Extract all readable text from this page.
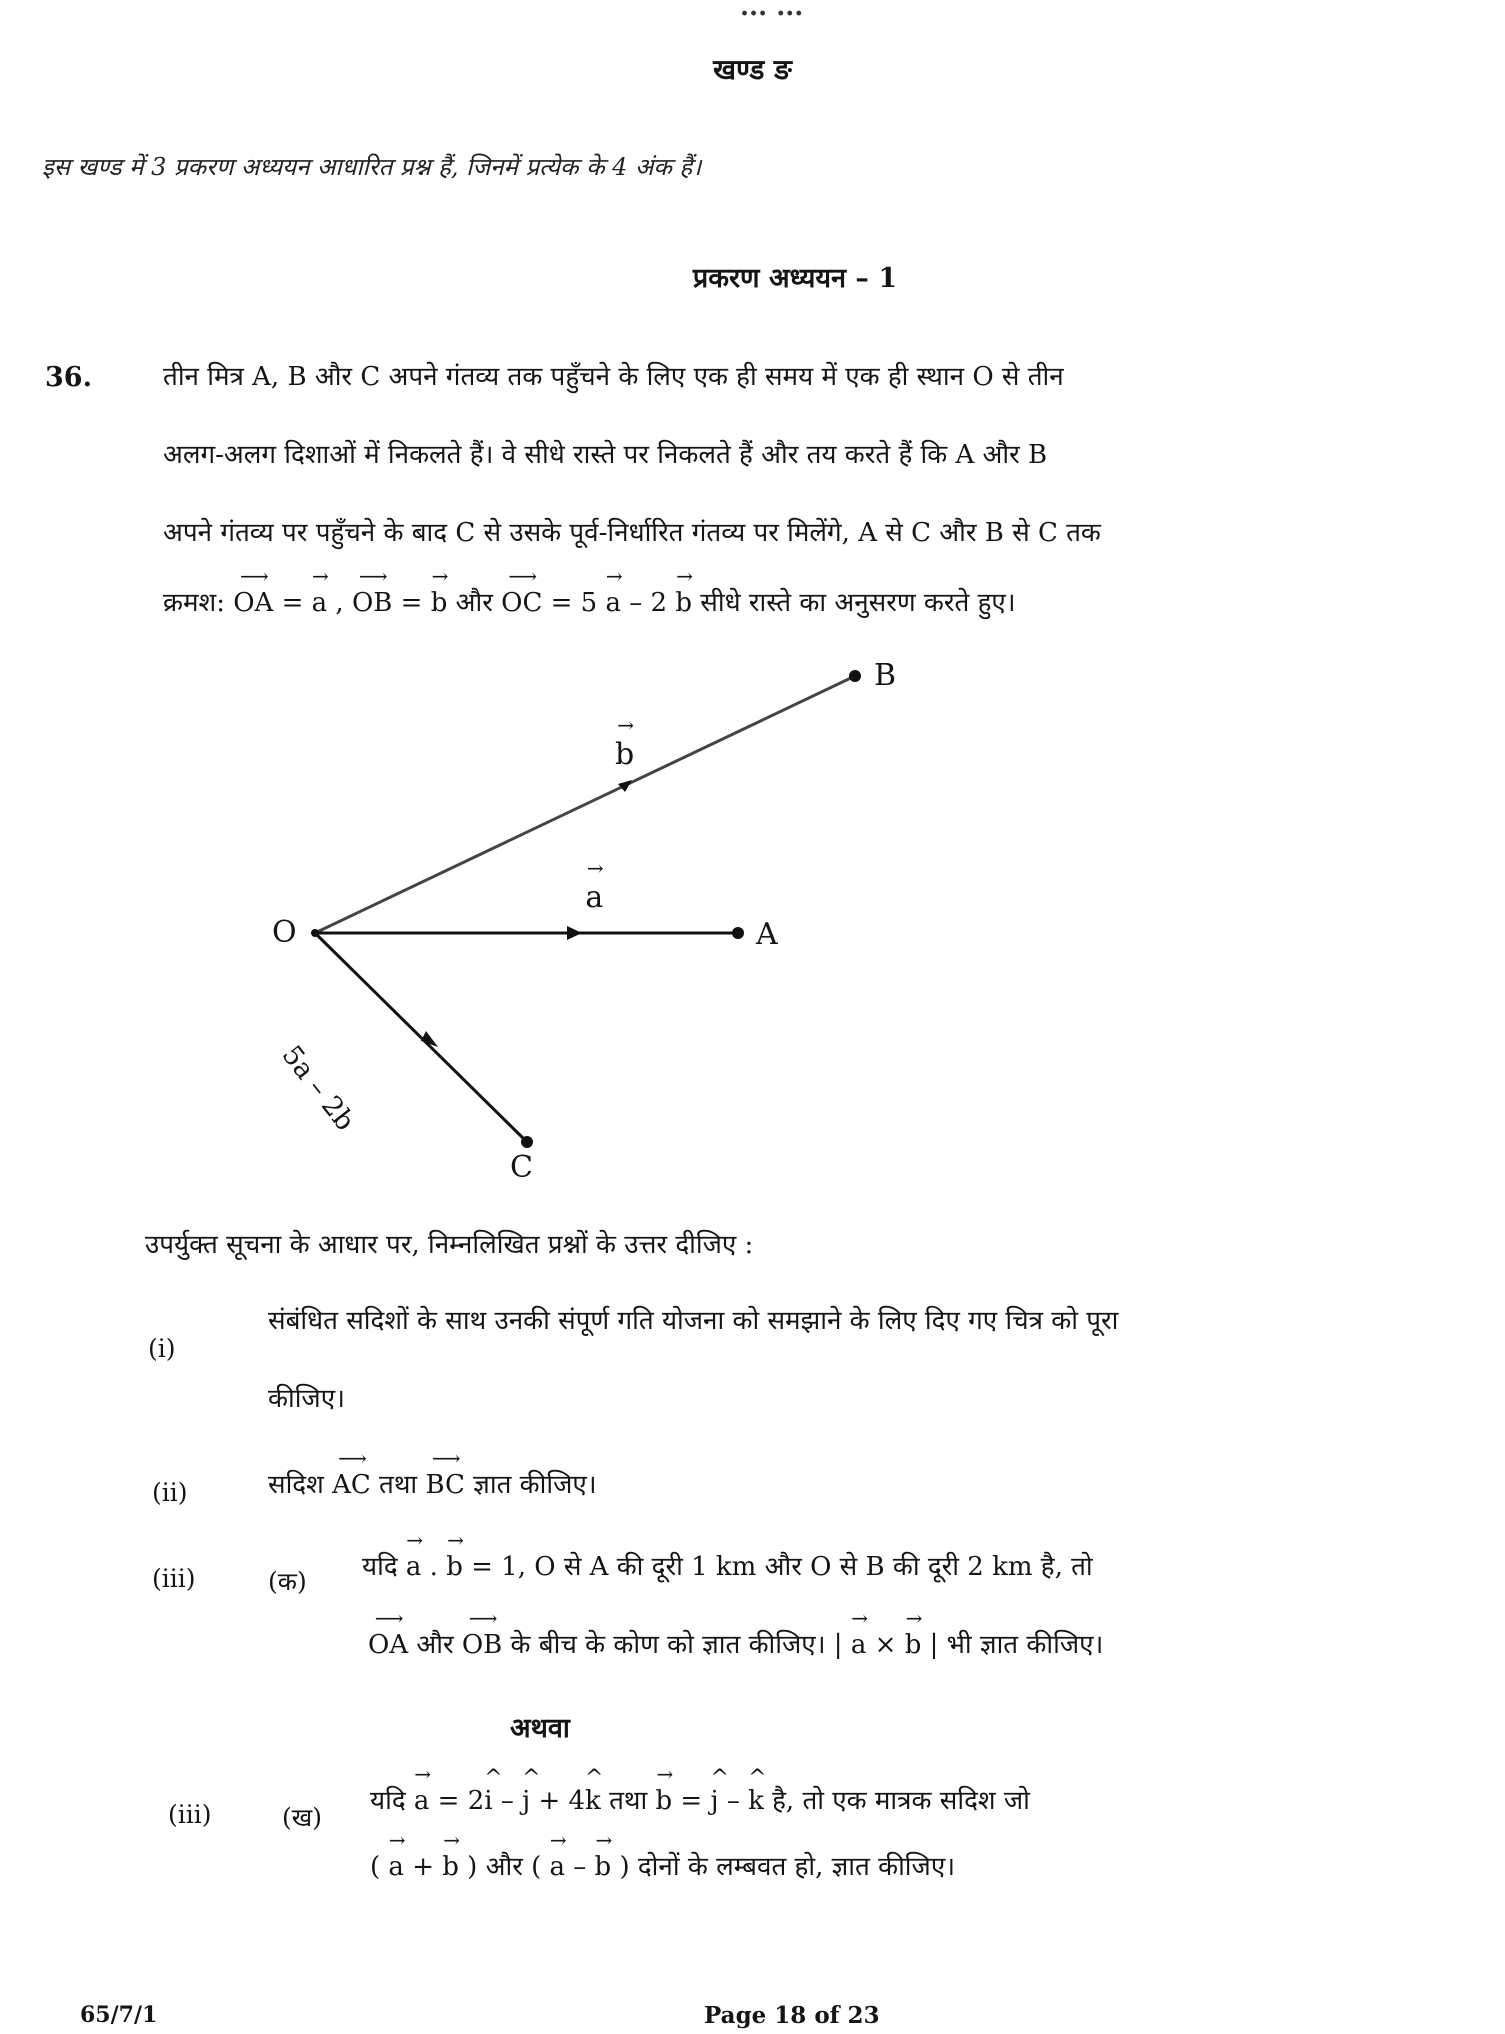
... ...
खण्ड ङ
इस खण्ड में 3 प्रकरण अध्ययन आधारित प्रश्न हैं, जिनमें प्रत्येक के 4 अंक हैं।
प्रकरण अध्ययन – 1
36.	तीन मित्र A, B और C अपने गंतव्य तक पहुँचने के लिए एक ही समय में एक ही स्थान O से तीन
अलग-अलग दिशाओं में निकलते हैं। वे सीधे रास्ते पर निकलते हैं और तय करते हैं कि A और B
अपने गंतव्य पर पहुँचने के बाद C से उसके पूर्व-निर्धारित गंतव्य पर मिलेंगे, A से C और B से C तक
क्रमश: ⟶ OA = → a , ⟶ OB = → b और ⟶ OC = 5 → a – 2 → b सीधे रास्ते का अनुसरण करते हुए।
O	A
B
C
→ b → a
5a – 2b
उपर्युक्त सूचना के आधार पर, निम्नलिखित प्रश्नों के उत्तर दीजिए :
(i)
संबंधित सदिशों के साथ उनकी संपूर्ण गति योजना को समझाने के लिए दिए गए चित्र को पूरा
कीजिए।
(ii)	सदिश ⟶ AC तथा ⟶ BC ज्ञात कीजिए।
(iii)	(क) यदि → a . → b = 1, O से A की दूरी 1 km और O से B की दूरी 2 km है, तो
⟶ OA और ⟶ OB के बीच के कोण को ज्ञात कीजिए। | → a × → b | भी ज्ञात कीजिए।
अथवा
(iii)	(ख)
यदि → a = 2^ i – ^ j + 4^ k तथा → b = ^ j – ^ k है, तो एक मात्रक सदिश जो
( → a + → b ) और ( → a – → b ) दोनों के लम्बवत हो, ज्ञात कीजिए।
65/7/1	Page 18 of 23
